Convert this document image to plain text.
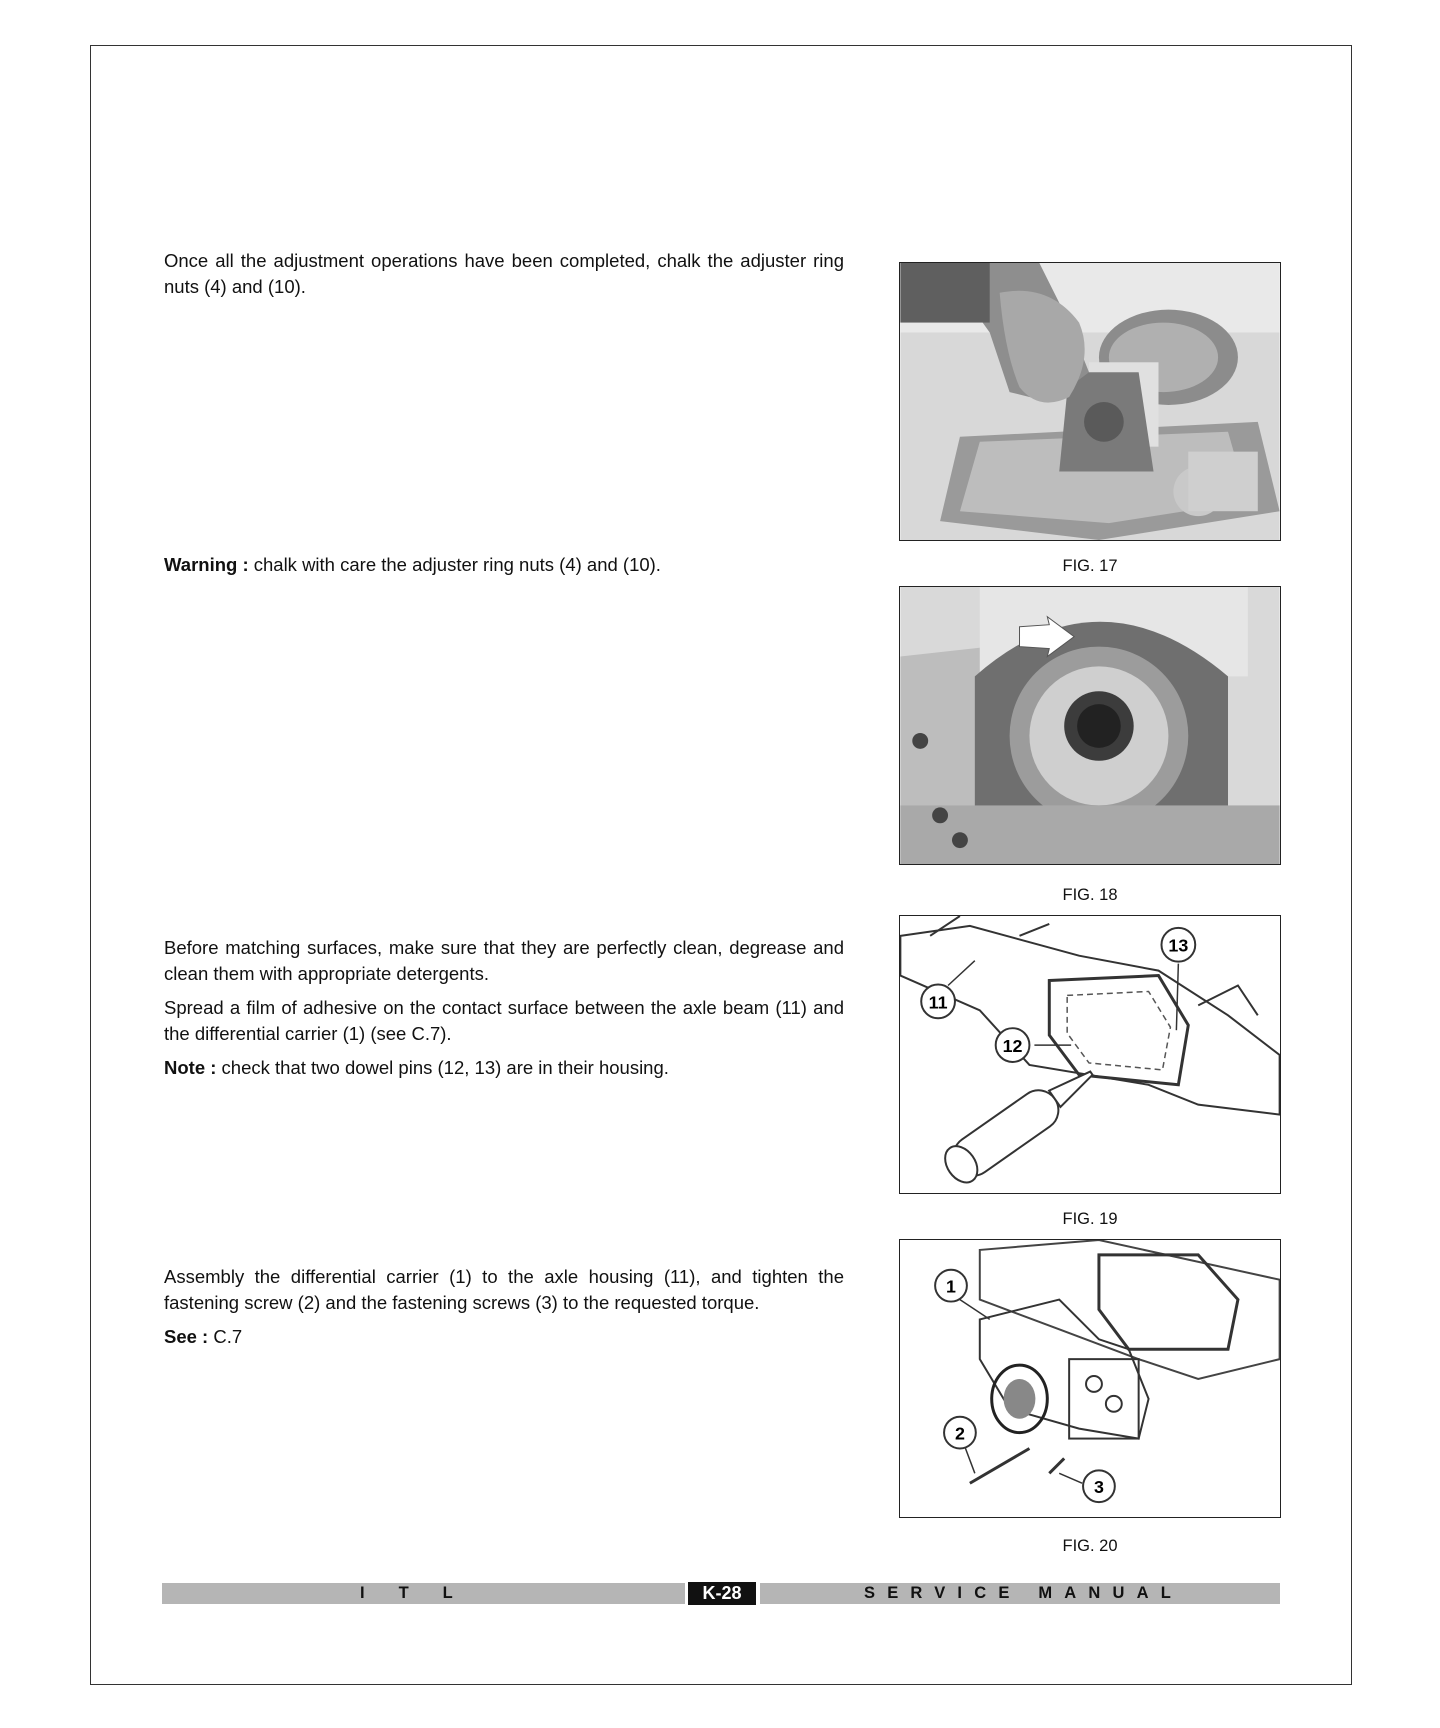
Once all the adjustment operations have been completed, chalk the adjuster ring nuts (4) and (10).

Warning : chalk with care the adjuster ring nuts (4) and (10).

Before matching surfaces, make sure that they are perfectly clean, degrease and clean them with appropriate detergents.

Spread a film of adhesive on the contact surface between the axle beam (11) and the differential carrier (1) (see C.7).

Note : check that two dowel pins (12, 13) are in their housing.

Assembly the differential carrier (1) to the axle housing (11), and tighten the fastening screw (2) and the fastening screws (3) to the requested torque.

See : C.7

FIG. 17
FIG. 18
11
12
13
FIG. 19
1
2
3
FIG. 20
ITL	K-28	SERVICE MANUAL
